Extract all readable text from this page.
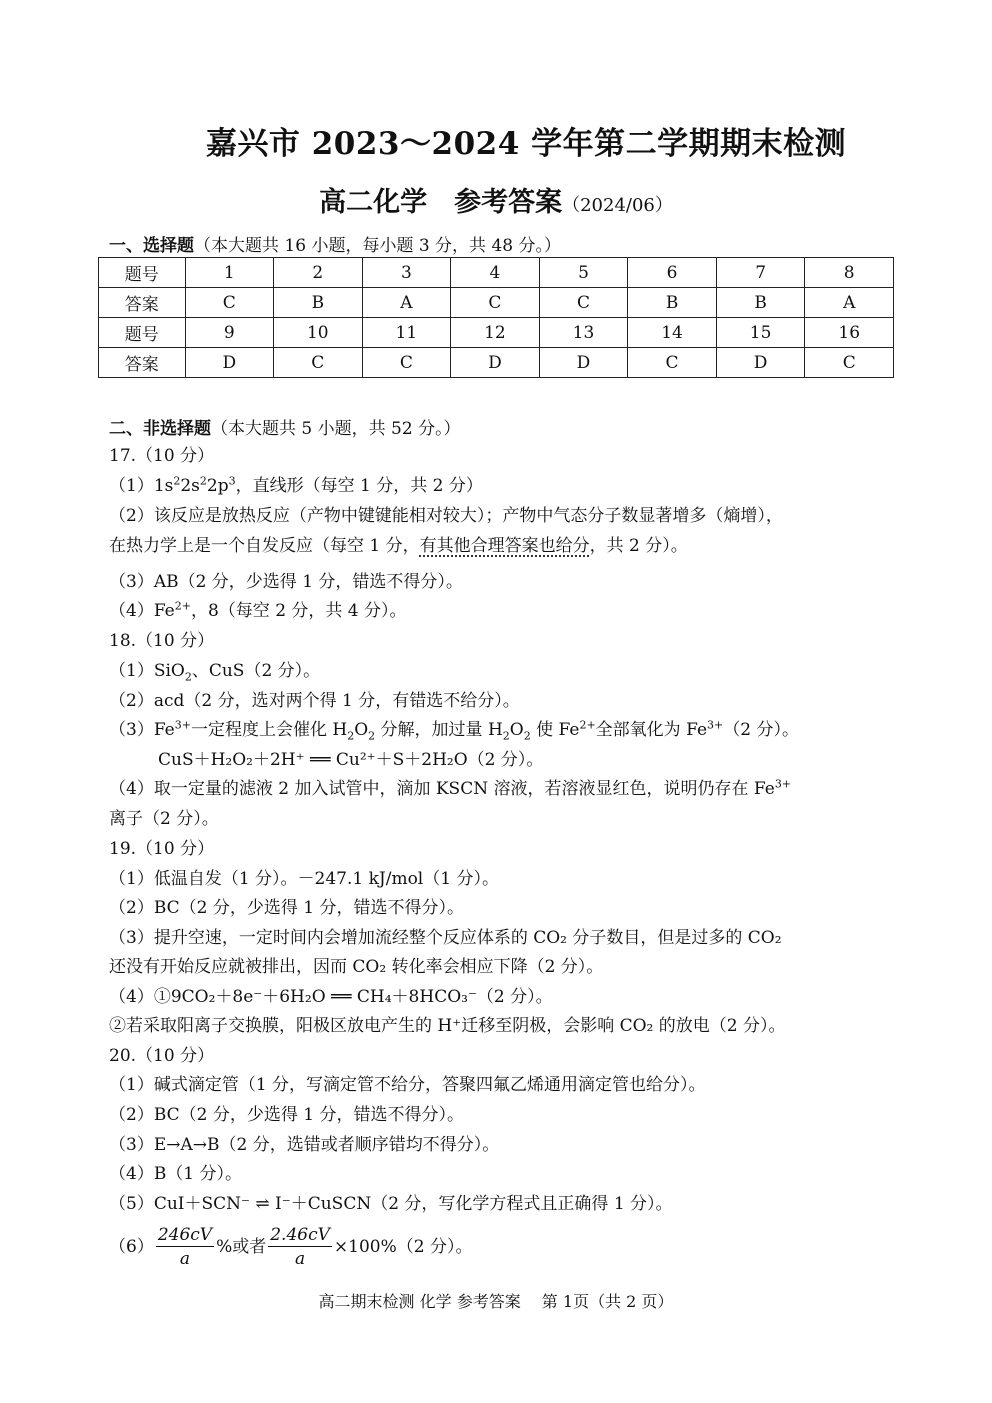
嘉兴市 2023～2024 学年第二学期期末检测
高二化学　参考答案（2024/06）
一、选择题（本大题共 16 小题，每小题 3 分，共 48 分。）
题号	1	2	3	4	5	6	7	8
答案	C	B	A	C	C	B	B	A
题号	9	10	11	12	13	14	15	16
答案	D	C	C	D	D	C	D	C
二、非选择题（本大题共 5 小题，共 52 分。）
17.（10 分）
$(1)1s^22s^22p^3$，直线形（每空 1 分，共 2 分）
（2）该反应是放热反应（产物中键键能相对较大）；产物中气态分子数显著增多（熵增），
在热力学上是一个自发反应（每空 1 分，有其他合理答案也给分，共 2 分）。
（3）AB（2 分，少选得 1 分，错选不得分）。
$(4)Fe^{2+}$，8（每空 2 分，共 4 分）。
18.（10 分）
（1）SiO$_2$、CuS（2 分）。
（2）acd（2 分，选对两个得 1 分，有错选不给分）。
$(3)Fe^{3+}$一定程度上会催化 $H_2O_2$ 分解，加过量 $H_2O_2$ 使 $Fe^{2+}$全部氧化为 $Fe^{3+}(2$ 分）。
CuS＋H₂O₂＋2H⁺ ══ Cu²⁺＋S＋2H₂O（2 分）。
（4）取一定量的滤液 2 加入试管中，滴加 KSCN 溶液，若溶液显红色，说明仍存在 $Fe^{3+}$
离子（2 分）。
19.（10 分）
（1）低温自发（1 分）。－247.1 kJ/mol（1 分）。
（2）BC（2 分，少选得 1 分，错选不得分）。
（3）提升空速，一定时间内会增加流经整个反应体系的 CO₂ 分子数目，但是过多的 CO₂
还没有开始反应就被排出，因而 CO₂ 转化率会相应下降（2 分）。
（4）①9CO₂＋8e⁻＋6H₂O ══ CH₄＋8HCO₃⁻（2 分）。
②若采取阳离子交换膜，阳极区放电产生的 H⁺迁移至阴极，会影响 CO₂ 的放电（2 分）。
20.（10 分）
（1）碱式滴定管（1 分，写滴定管不给分，答聚四氟乙烯通用滴定管也给分）。
（2）BC（2 分，少选得 1 分，错选不得分）。
（3）E→A→B（2 分，选错或者顺序错均不得分）。
（4）B（1 分）。
（5）CuI＋SCN⁻ ⇌ I⁻＋CuSCN（2 分，写化学方程式且正确得 1 分）。
$(6) \frac{246cV}{a}$ %或者 $\frac{2.46cV}{a} \times 100\%(2$ 分）。
高二期末检测 化学 参考答案　 第 1页（共 2 页）
